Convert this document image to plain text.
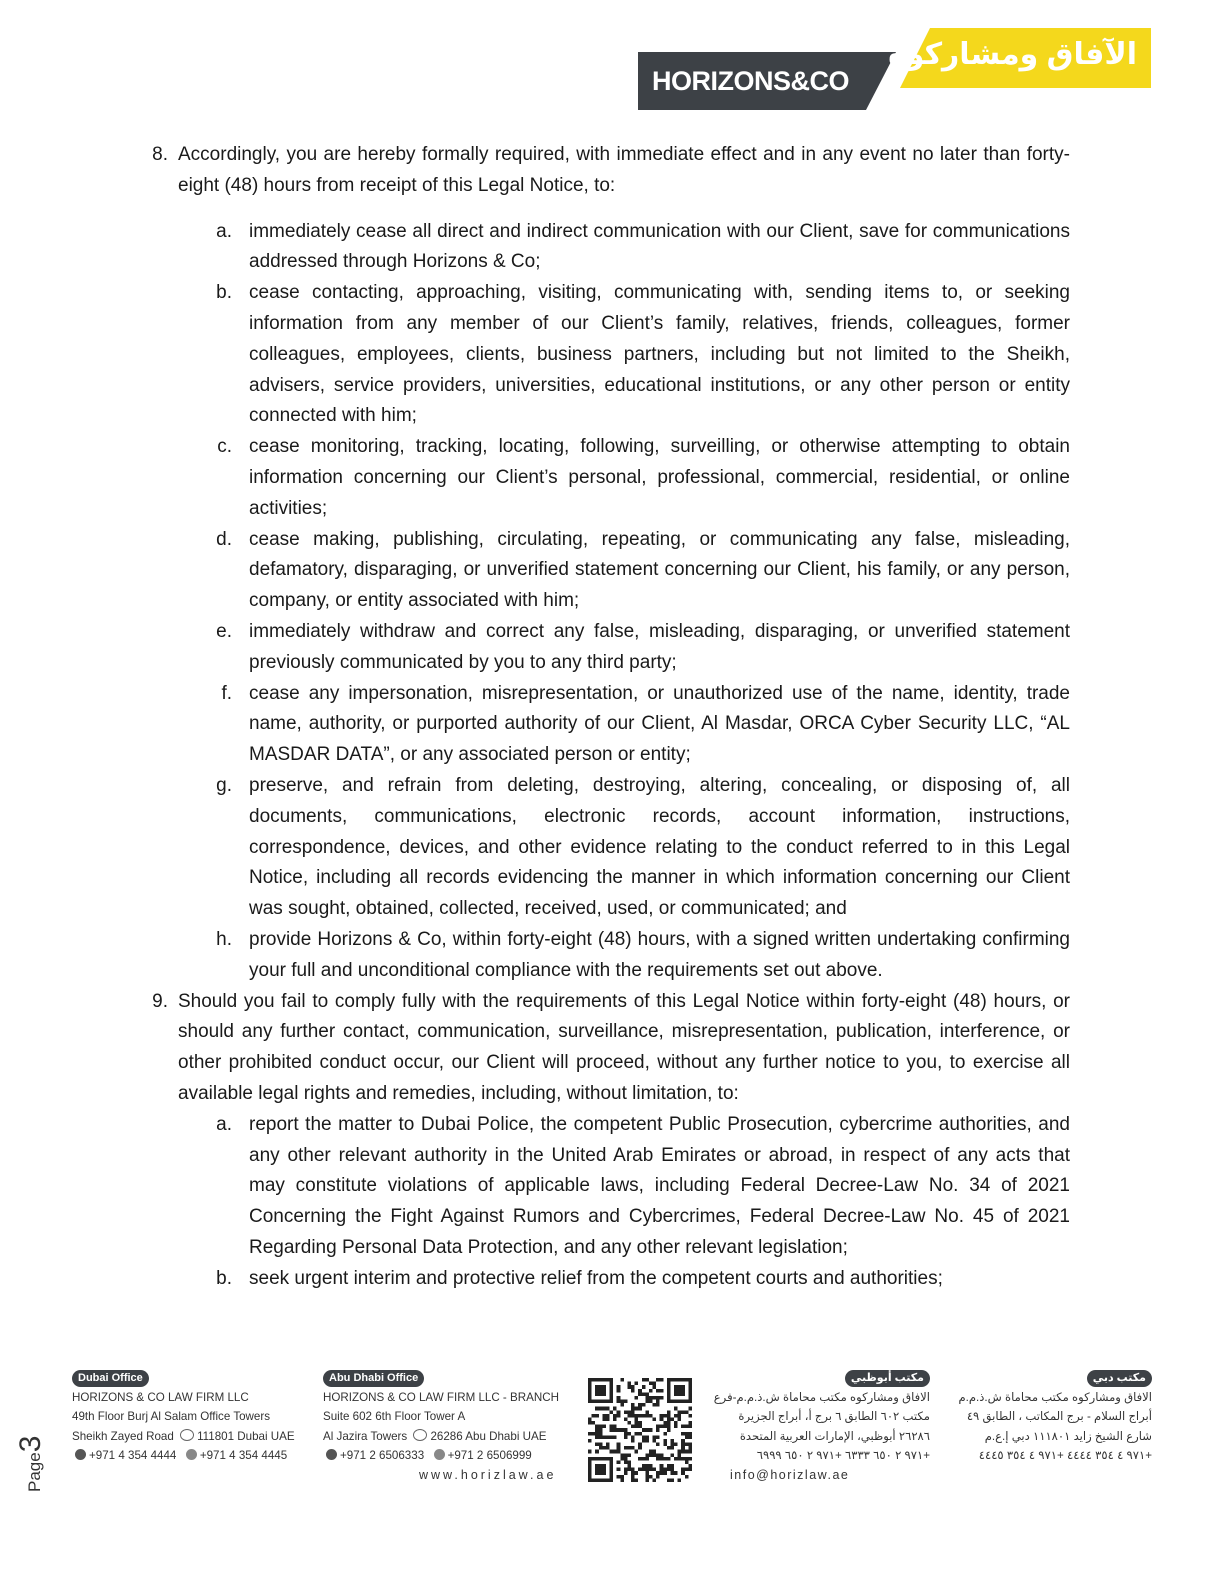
HORIZONS&CO
الآفاق ومشاركوه
8. Accordingly, you are hereby formally required, with immediate effect and in any event no later than forty-eight (48) hours from receipt of this Legal Notice, to:
a. immediately cease all direct and indirect communication with our Client, save for communications addressed through Horizons & Co;
b. cease contacting, approaching, visiting, communicating with, sending items to, or seeking information from any member of our Client’s family, relatives, friends, colleagues, former colleagues, employees, clients, business partners, including but not limited to the Sheikh, advisers, service providers, universities, educational institutions, or any other person or entity connected with him;
c. cease monitoring, tracking, locating, following, surveilling, or otherwise attempting to obtain information concerning our Client’s personal, professional, commercial, residential, or online activities;
d. cease making, publishing, circulating, repeating, or communicating any false, misleading, defamatory, disparaging, or unverified statement concerning our Client, his family, or any person, company, or entity associated with him;
e. immediately withdraw and correct any false, misleading, disparaging, or unverified statement previously communicated by you to any third party;
f. cease any impersonation, misrepresentation, or unauthorized use of the name, identity, trade name, authority, or purported authority of our Client, Al Masdar, ORCA Cyber Security LLC, “AL MASDAR DATA”, or any associated person or entity;
g. preserve, and refrain from deleting, destroying, altering, concealing, or disposing of, all documents, communications, electronic records, account information, instructions, correspondence, devices, and other evidence relating to the conduct referred to in this Legal Notice, including all records evidencing the manner in which information concerning our Client was sought, obtained, collected, received, used, or communicated; and
h. provide Horizons & Co, within forty-eight (48) hours, with a signed written undertaking confirming your full and unconditional compliance with the requirements set out above.
9. Should you fail to comply fully with the requirements of this Legal Notice within forty-eight (48) hours, or should any further contact, communication, surveillance, misrepresentation, publication, interference, or other prohibited conduct occur, our Client will proceed, without any further notice to you, to exercise all available legal rights and remedies, including, without limitation, to:
a. report the matter to Dubai Police, the competent Public Prosecution, cybercrime authorities, and any other relevant authority in the United Arab Emirates or abroad, in respect of any acts that may constitute violations of applicable laws, including Federal Decree-Law No. 34 of 2021 Concerning the Fight Against Rumors and Cybercrimes, Federal Decree-Law No. 45 of 2021 Regarding Personal Data Protection, and any other relevant legislation;
b. seek urgent interim and protective relief from the competent courts and authorities;
Page3
Dubai Office
HORIZONS & CO LAW FIRM LLC
49th Floor Burj Al Salam Office Towers
Sheikh Zayed Road 111801 Dubai UAE
+971 4 354 4444 +971 4 354 4445
Abu Dhabi Office
HORIZONS & CO LAW FIRM LLC - BRANCH
Suite 602 6th Floor Tower A
Al Jazira Towers 26286 Abu Dhabi UAE
+971 2 6506333 +971 2 6506999
www.horizlaw.ae
مكتب أبوظبي
الافاق ومشاركوه مكتب محاماة ش.ذ.م.م-فرع
مكتب ٦٠٢ الطابق ٦ برج أ، أبراج الجزيرة
٢٦٢٨٦ أبوظبي، الإمارات العربية المتحدة
+٩٧١ ٢ ٦٥٠ ٦٣٣٣ +٩٧١ ٢ ٦٥٠ ٦٩٩٩
info@horizlaw.ae
مكتب دبي
الافاق ومشاركوه مكتب محاماة ش.ذ.م.م
أبراج السلام - برج المكاتب ، الطابق ٤٩
شارع الشيخ زايد ١١١٨٠١ دبي إ.ع.م
+٩٧١ ٤ ٣٥٤ ٤٤٤٤ +٩٧١ ٤ ٣٥٤ ٤٤٤٥
